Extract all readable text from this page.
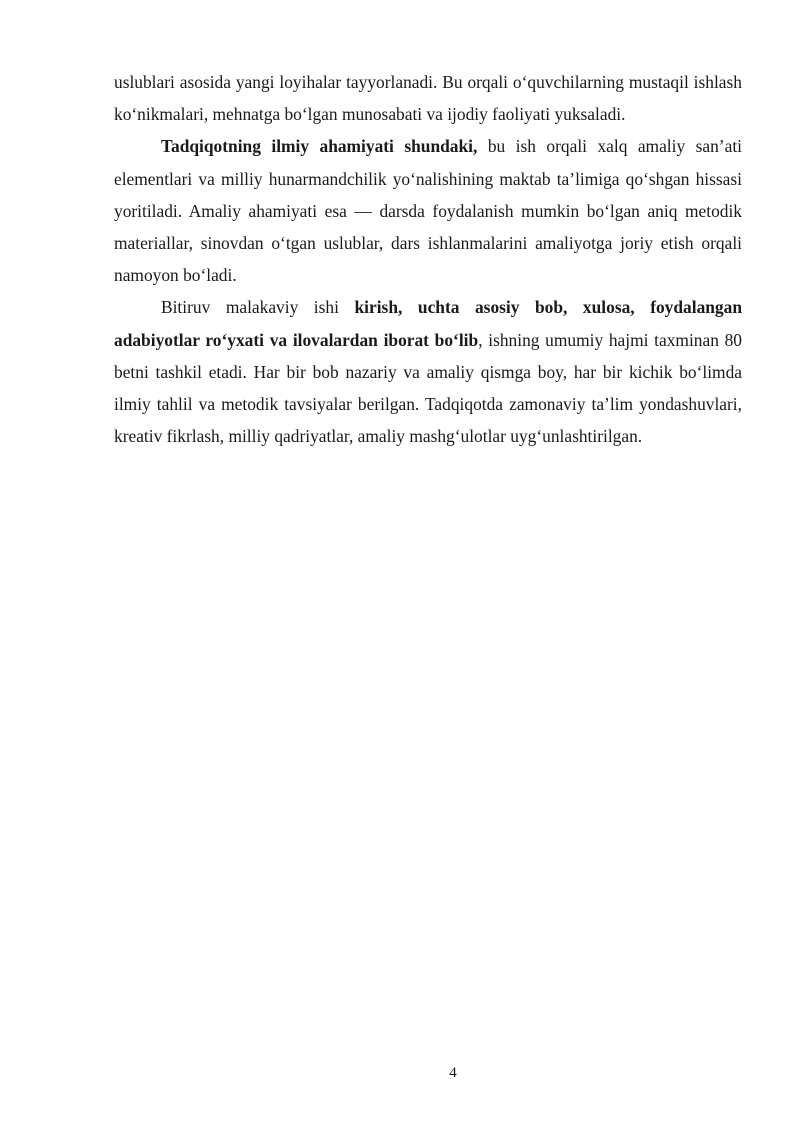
uslublari asosida yangi loyihalar tayyorlanadi. Bu orqali o‘quvchilarning mustaqil ishlash ko‘nikmalari, mehnatga bo‘lgan munosabati va ijodiy faoliyati yuksaladi.

Tadqiqotning ilmiy ahamiyati shundaki, bu ish orqali xalq amaliy san’ati elementlari va milliy hunarmandchilik yo‘nalishining maktab ta’limiga qo‘shgan hissasi yoritiladi. Amaliy ahamiyati esa — darsda foydalanish mumkin bo‘lgan aniq metodik materiallar, sinovdan o‘tgan uslublar, dars ishlanmalarini amaliyotga joriy etish orqali namoyon bo‘ladi.

Bitiruv malakaviy ishi kirish, uchta asosiy bob, xulosa, foydalangan adabiyotlar ro‘yxati va ilovalardan iborat bo‘lib, ishning umumiy hajmi taxminan 80 betni tashkil etadi. Har bir bob nazariy va amaliy qismga boy, har bir kichik bo‘limda ilmiy tahlil va metodik tavsiyalar berilgan. Tadqiqotda zamonaviy ta’lim yondashuvlari, kreativ fikrlash, milliy qadriyatlar, amaliy mashg‘ulotlar uyg‘unlashtirilgan.

4
